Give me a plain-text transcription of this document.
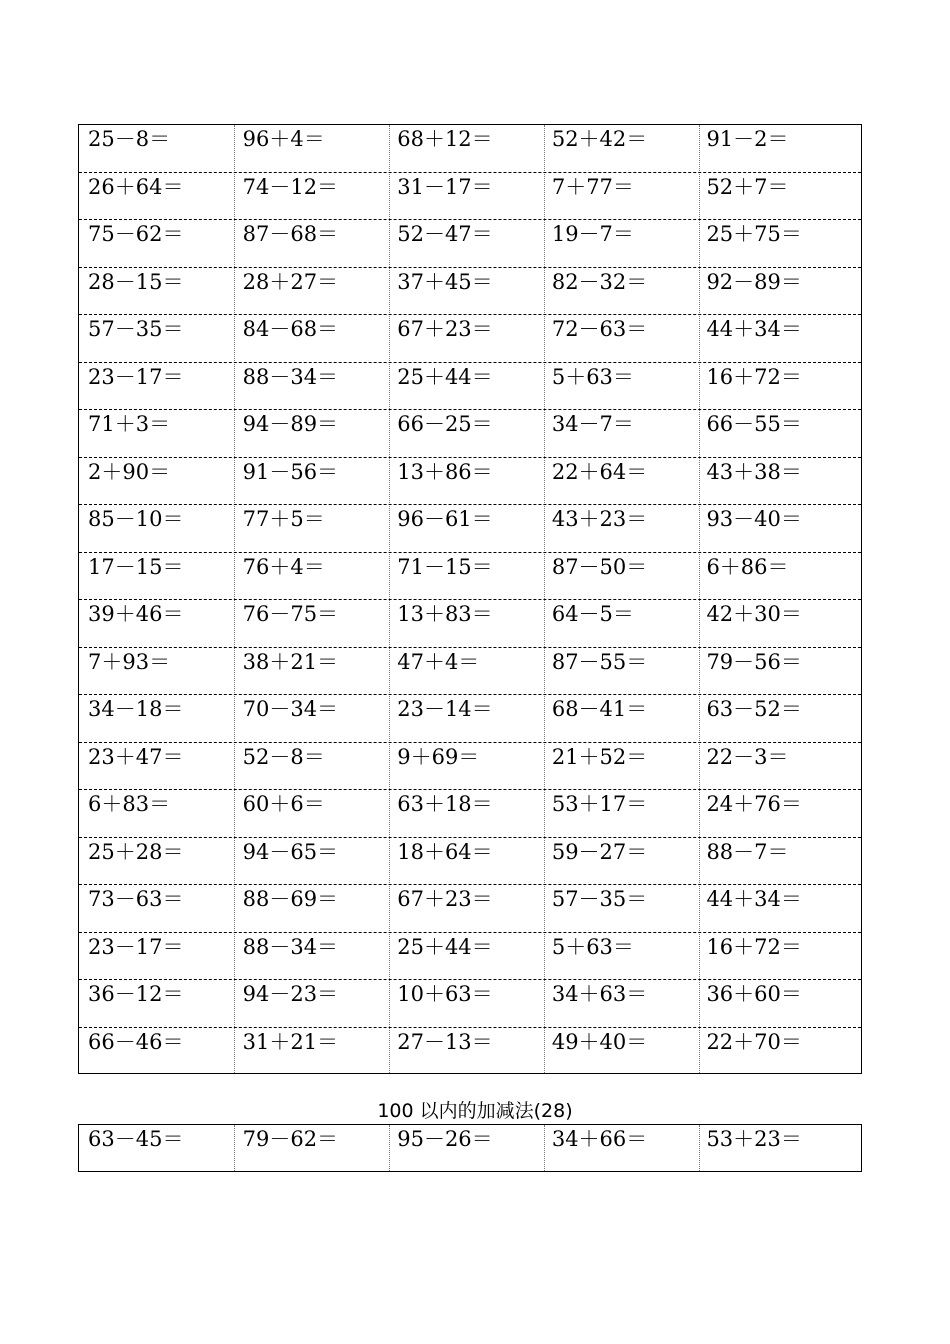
25－8＝	96＋4＝	68＋12＝	52＋42＝	91－2＝
26＋64＝	74－12＝	31－17＝	7＋77＝	52＋7＝
75－62＝	87－68＝	52－47＝	19－7＝	25＋75＝
28－15＝	28＋27＝	37＋45＝	82－32＝	92－89＝
57－35＝	84－68＝	67＋23＝	72－63＝	44＋34＝
23－17＝	88－34＝	25＋44＝	5＋63＝	16＋72＝
71＋3＝	94－89＝	66－25＝	34－7＝	66－55＝
2＋90＝	91－56＝	13＋86＝	22＋64＝	43＋38＝
85－10＝	77＋5＝	96－61＝	43＋23＝	93－40＝
17－15＝	76＋4＝	71－15＝	87－50＝	6＋86＝
39＋46＝	76－75＝	13＋83＝	64－5＝	42＋30＝
7＋93＝	38＋21＝	47＋4＝	87－55＝	79－56＝
34－18＝	70－34＝	23－14＝	68－41＝	63－52＝
23＋47＝	52－8＝	9＋69＝	21＋52＝	22－3＝
6＋83＝	60＋6＝	63＋18＝	53＋17＝	24＋76＝
25＋28＝	94－65＝	18＋64＝	59－27＝	88－7＝
73－63＝	88－69＝	67＋23＝	57－35＝	44＋34＝
23－17＝	88－34＝	25＋44＝	5＋63＝	16＋72＝
36－12＝	94－23＝	10＋63＝	34＋63＝	36＋60＝
66－46＝	31＋21＝	27－13＝	49＋40＝	22＋70＝
100 以内的加减法(28)
63－45＝	79－62＝	95－26＝	34＋66＝	53＋23＝
